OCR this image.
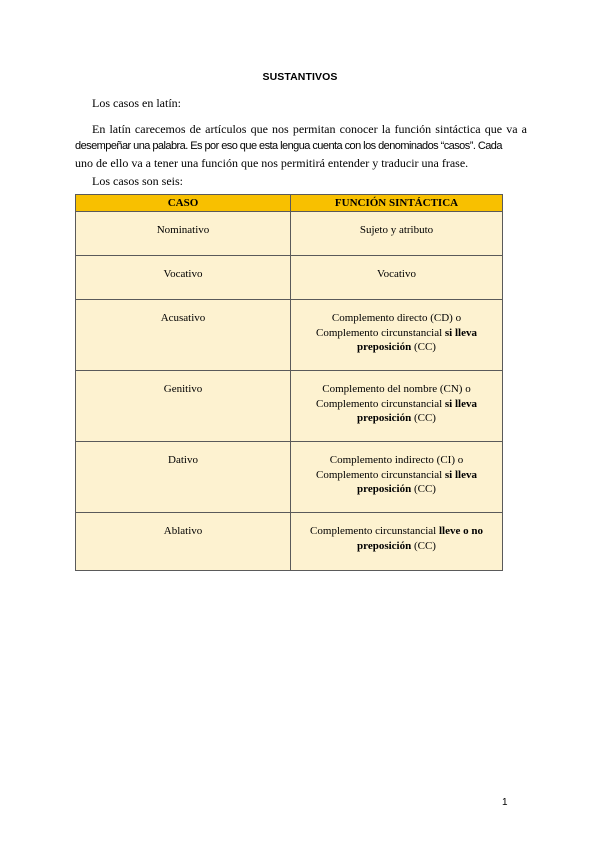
SUSTANTIVOS
Los casos en latín:
En latín carecemos de artículos que nos permitan conocer la función sintáctica que va a
desempeñar una palabra. Es por eso que esta lengua cuenta con los denominados “casos”. Cada
uno de ello va a tener una función que nos permitirá entender y traducir una frase.
Los casos son seis:
CASO	FUNCIÓN SINTÁCTICA
Nominativo	Sujeto y atributo
Vocativo	Vocativo
Acusativo	Complemento directo (CD) o
Complemento circunstancial si lleva
preposición (CC)
Genitivo	Complemento del nombre (CN) o
Complemento circunstancial si lleva
preposición (CC)
Dativo	Complemento indirecto (CI) o
Complemento circunstancial si lleva
preposición (CC)
Ablativo	Complemento circunstancial lleve o no
preposición (CC)
1
